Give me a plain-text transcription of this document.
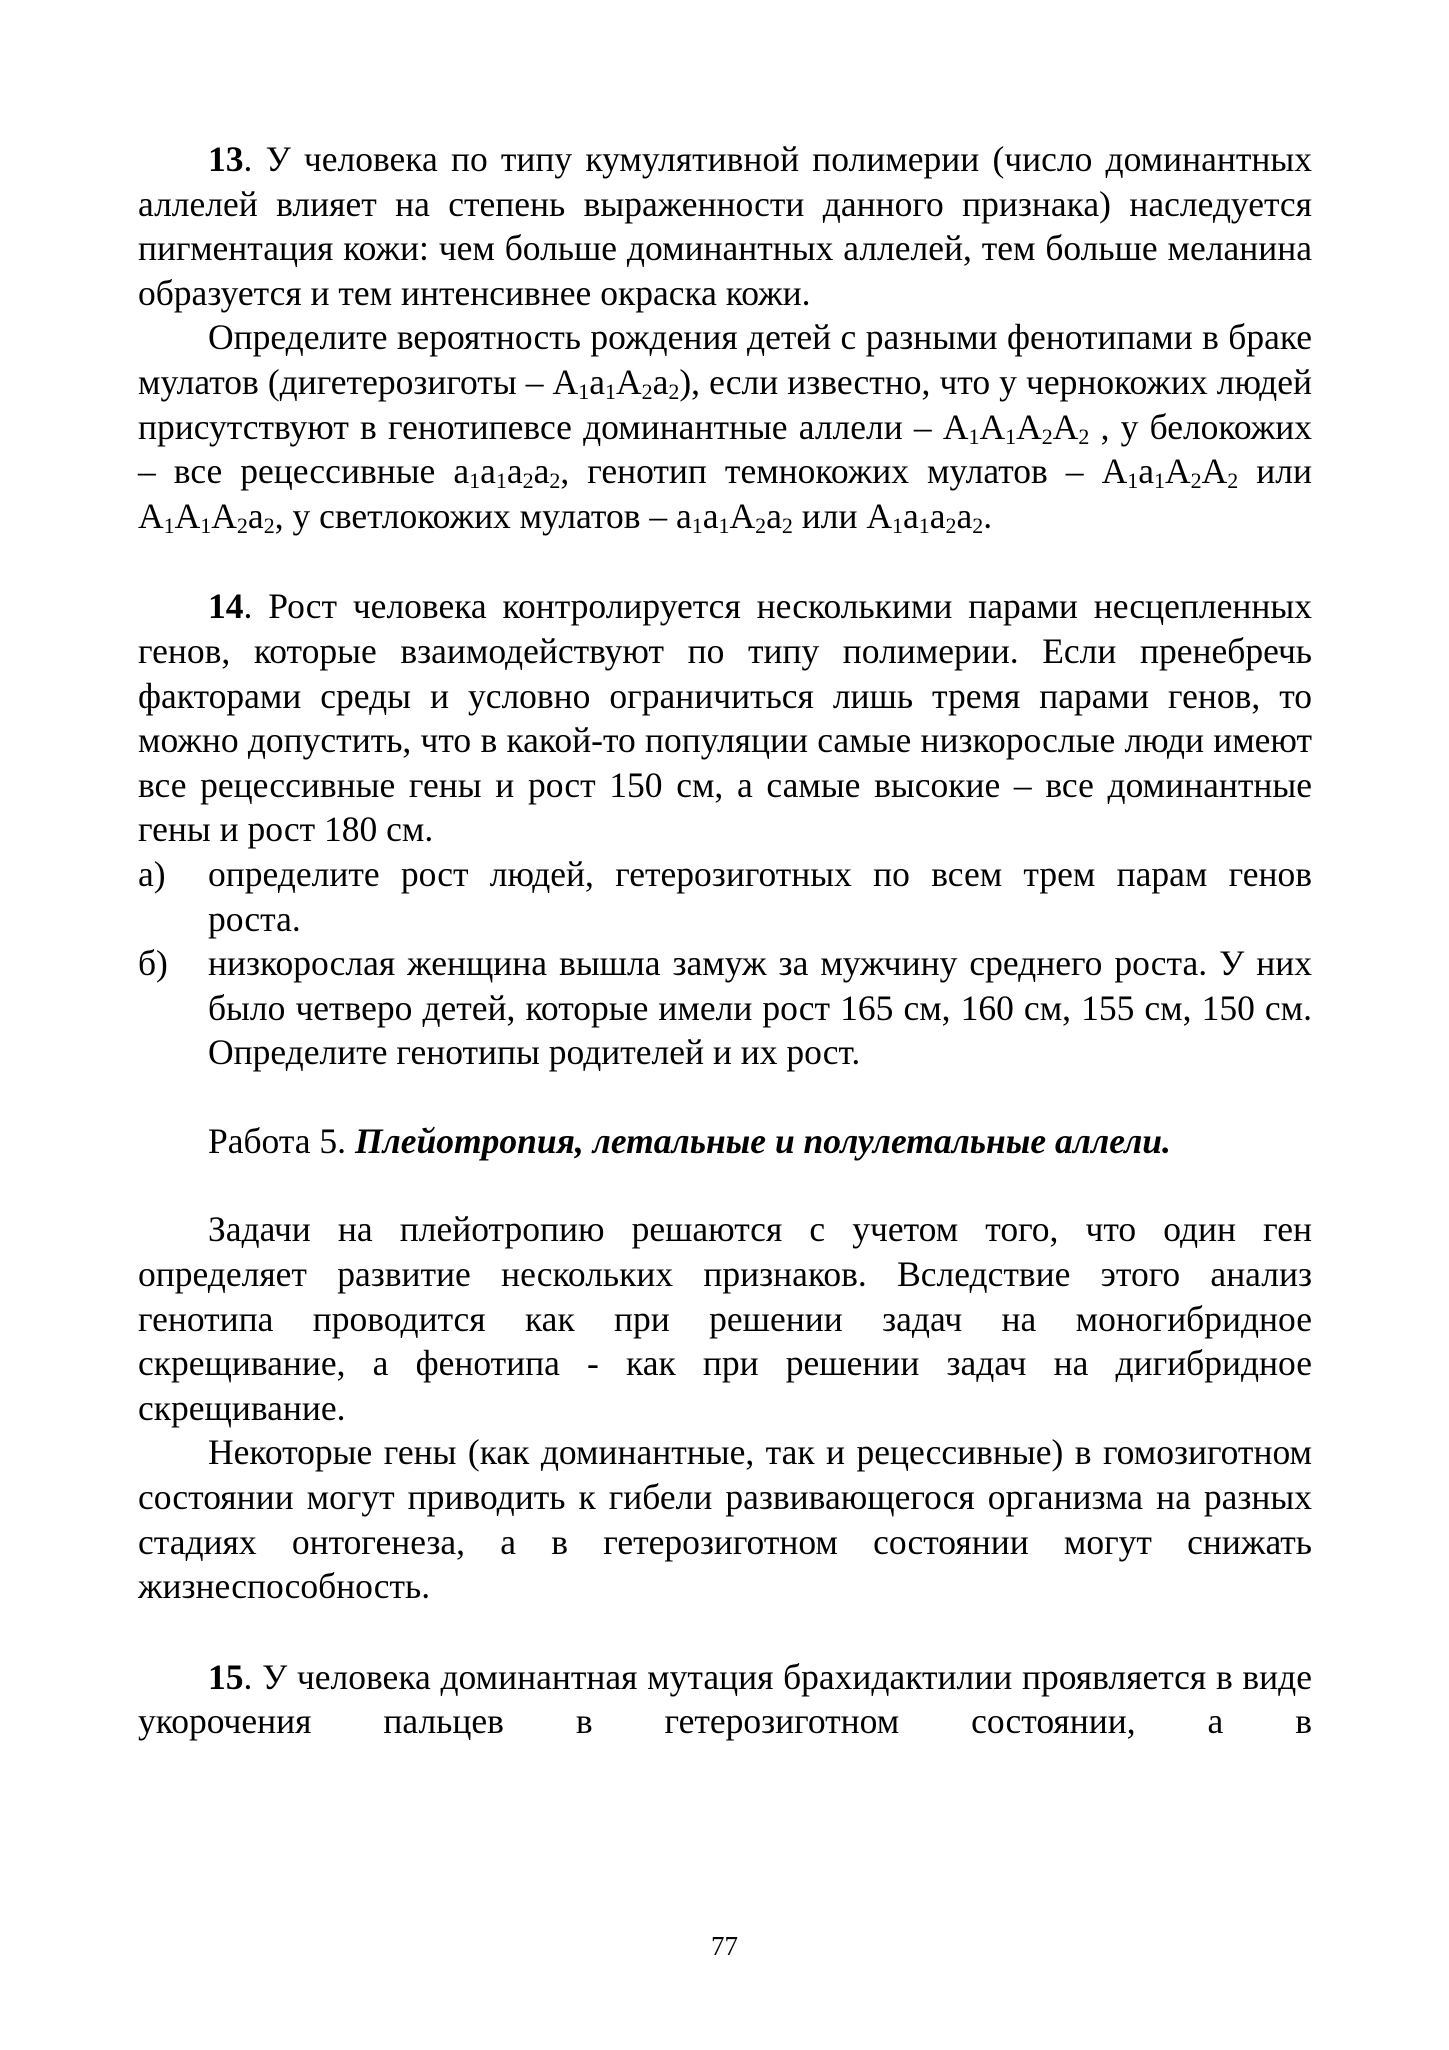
13. У человека по типу кумулятивной полимерии (число доминантных аллелей влияет на степень выраженности данного признака) наследуется пигментация кожи: чем больше доминантных аллелей, тем больше меланина образуется и тем интенсивнее окраска кожи.

Определите вероятность рождения детей с разными фенотипами в браке мулатов (дигетерозиготы – $A_1a_1A_2a_2$), если известно, что у чернокожих людей присутствуют в генотипевсе доминантные аллели – $A_1A_1A_2A_2$ , у белокожих – все рецессивные $a_1a_1a_2a_2$, генотип темнокожих мулатов – $A_1a_1A_2A_2$ или $A_1A_1A_2a_2$, у светлокожих мулатов – $a_1a_1A_2a_2$ или $A_1a_1a_2a_2$.

14. Рост человека контролируется несколькими парами несцепленных генов, которые взаимодействуют по типу полимерии. Если пренебречь факторами среды и условно ограничиться лишь тремя парами генов, то можно допустить, что в какой-то популяции самые низкорослые люди имеют все рецессивные гены и рост 150 см, а самые высокие – все доминантные гены и рост 180 см.

а)	определите рост людей, гетерозиготных по всем трем парам генов роста.
б)	низкорослая женщина вышла замуж за мужчину среднего роста. У них было четверо детей, которые имели рост 165 см, 160 см, 155 см, 150 см. Определите генотипы родителей и их рост.

Работа 5. Плейотропия, летальные и полулетальные аллели.

Задачи на плейотропию решаются с учетом того, что один ген определяет развитие нескольких признаков. Вследствие этого анализ генотипа проводится как при решении задач на моногибридное скрещивание, а фенотипа - как при решении задач на дигибридное скрещивание.

Некоторые гены (как доминантные, так и рецессивные) в гомозиготном состоянии могут приводить к гибели развивающегося организма на разных стадиях онтогенеза, а в гетерозиготном состоянии могут снижать жизнеспособность.

15. У человека доминантная мутация брахидактилии проявляется в виде укорочения пальцев в гетерозиготном состоянии, а в

77
